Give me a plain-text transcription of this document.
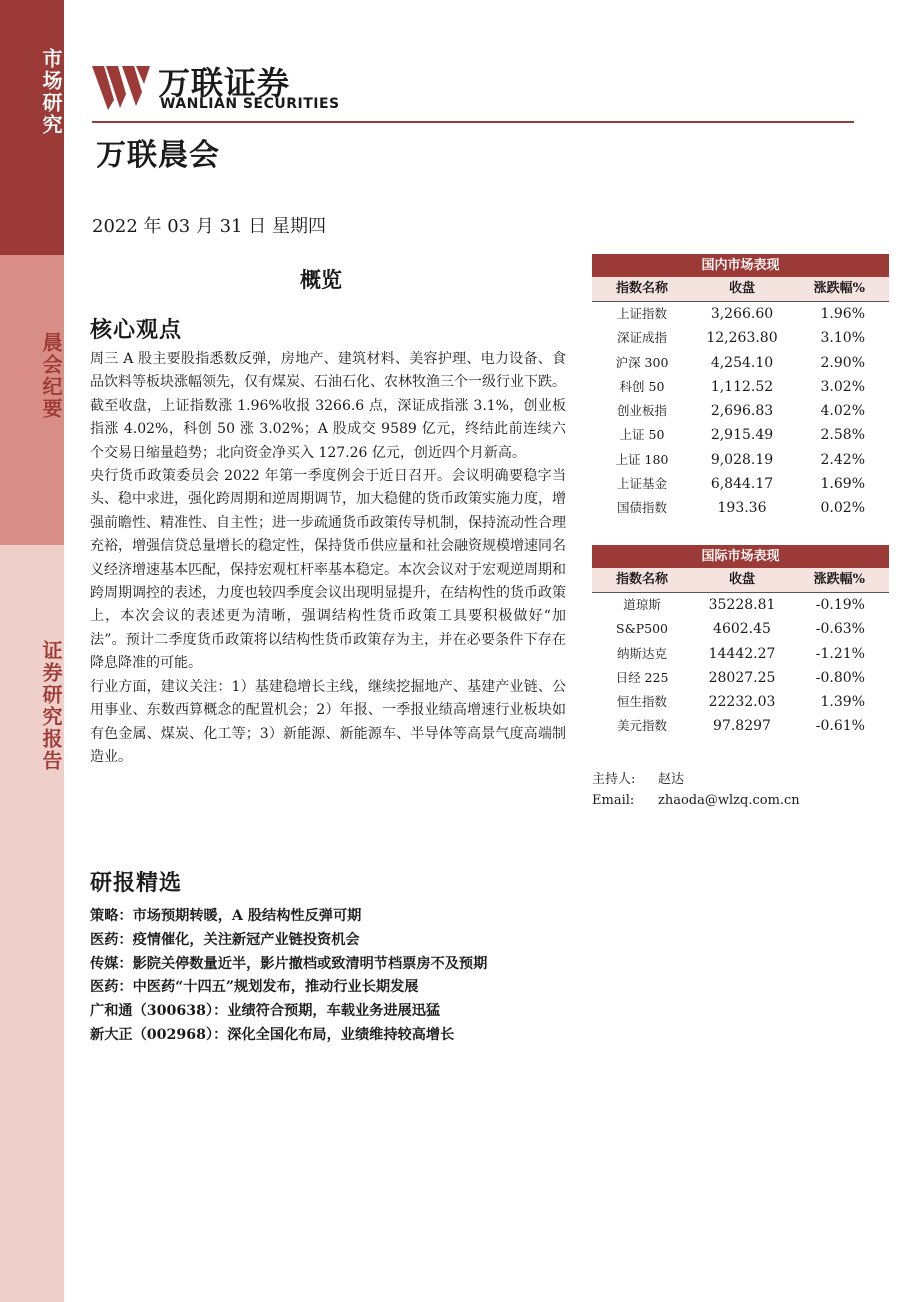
市场研究
晨会纪要
证券研究报告
万联证券
WANLIAN SECURITIES
万联晨会
2022 年 03 月 31 日 星期四
概览
核心观点

周三 A 股主要股指悉数反弹，房地产、建筑材料、美容护理、电力设备、食品饮料等板块涨幅领先，仅有煤炭、石油石化、农林牧渔三个一级行业下跌。截至收盘，上证指数涨 1.96%收报 3266.6 点，深证成指涨 3.1%，创业板指涨 4.02%，科创 50 涨 3.02%；A 股成交 9589 亿元，终结此前连续六个交易日缩量趋势；北向资金净买入 127.26 亿元，创近四个月新高。

央行货币政策委员会 2022 年第一季度例会于近日召开。会议明确要稳字当头、稳中求进，强化跨周期和逆周期调节，加大稳健的货币政策实施力度，增强前瞻性、精准性、自主性；进一步疏通货币政策传导机制，保持流动性合理充裕，增强信贷总量增长的稳定性，保持货币供应量和社会融资规模增速同名义经济增速基本匹配，保持宏观杠杆率基本稳定。本次会议对于宏观逆周期和跨周期调控的表述，力度也较四季度会议出现明显提升，在结构性的货币政策上，本次会议的表述更为清晰，强调结构性货币政策工具要积极做好“加法”。预计二季度货币政策将以结构性货币政策存为主，并在必要条件下存在降息降准的可能。

行业方面，建议关注：1）基建稳增长主线，继续挖掘地产、基建产业链、公用事业、东数西算概念的配置机会；2）年报、一季报业绩高增速行业板块如有色金属、煤炭、化工等；3）新能源、新能源车、半导体等高景气度高端制造业。

研报精选
策略：市场预期转暖，A 股结构性反弹可期
医药：疫情催化，关注新冠产业链投资机会
传媒：影院关停数量近半，影片撤档或致清明节档票房不及预期
医药：中医药“十四五”规划发布，推动行业长期发展
广和通（300638）：业绩符合预期，车载业务进展迅猛
新大正（002968）：深化全国化布局，业绩维持较高增长
国内市场表现
指数名称	收盘	涨跌幅%
上证指数	3,266.60	1.96%
深证成指	12,263.80	3.10%
沪深 300	4,254.10	2.90%
科创 50	1,112.52	3.02%
创业板指	2,696.83	4.02%
上证 50	2,915.49	2.58%
上证 180	9,028.19	2.42%
上证基金	6,844.17	1.69%
国债指数	193.36	0.02%
国际市场表现
指数名称	收盘	涨跌幅%
道琼斯	35228.81	-0.19%
S&P500	4602.45	-0.63%
纳斯达克	14442.27	-1.21%
日经 225	28027.25	-0.80%
恒生指数	22232.03	1.39%
美元指数	97.8297	-0.61%
主持人: 赵达
Email: zhaoda@wlzq.com.cn
